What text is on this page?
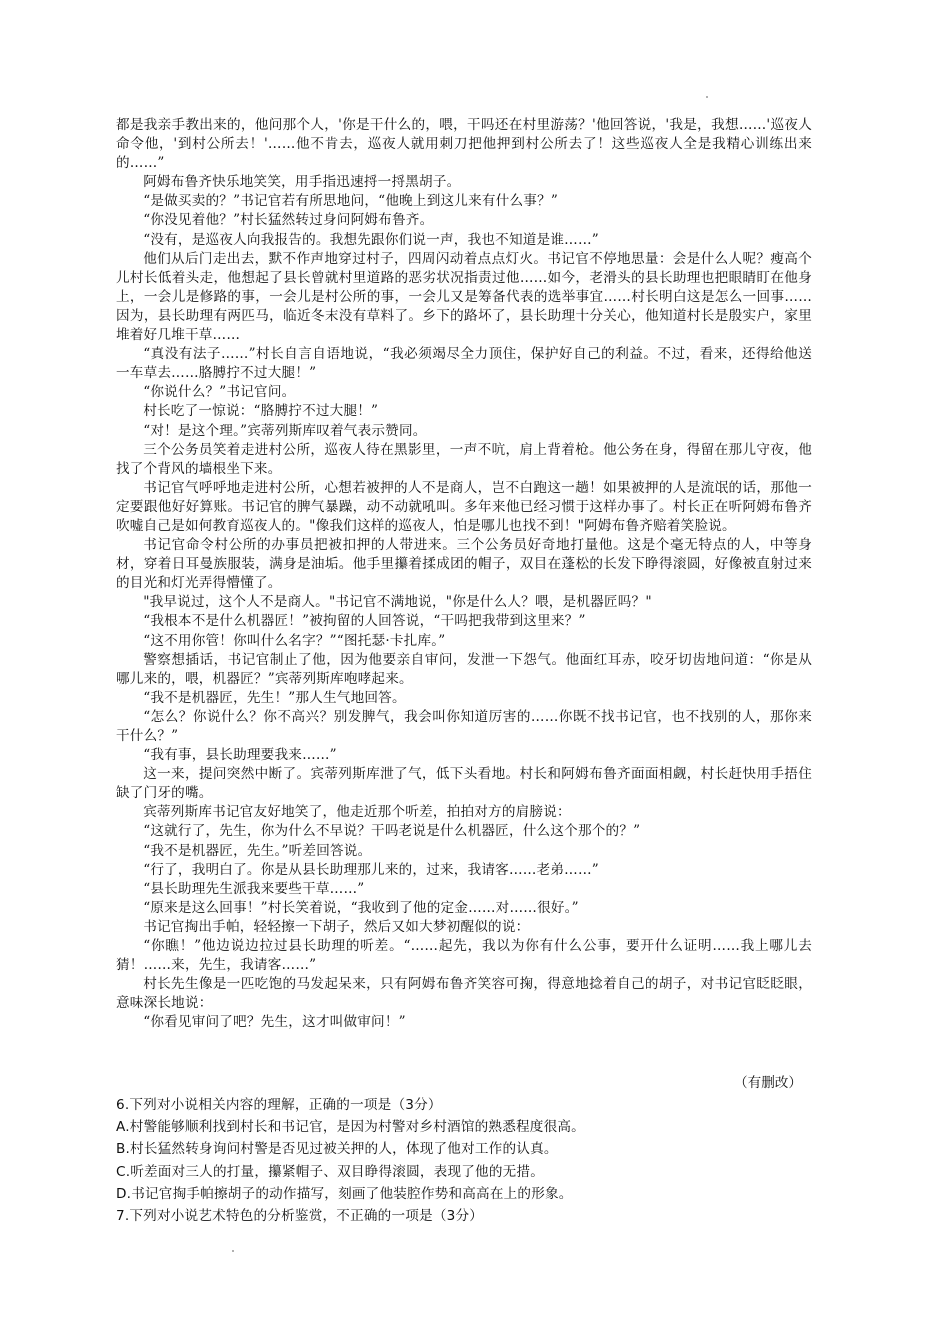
都是我亲手教出来的，他问那个人，'你是干什么的，喂，干吗还在村里游荡？'他回答说，'我是，我想……'巡夜人命令他，'到村公所去！'……他不肯去，巡夜人就用刺刀把他押到村公所去了！这些巡夜人全是我精心训练出来的……”

阿姆布鲁齐快乐地笑笑，用手指迅速捋一捋黑胡子。

“是做买卖的？”书记官若有所思地问，“他晚上到这儿来有什么事？”

“你没见着他？”村长猛然转过身问阿姆布鲁齐。

“没有，是巡夜人向我报告的。我想先跟你们说一声，我也不知道是谁……”

他们从后门走出去，默不作声地穿过村子，四周闪动着点点灯火。书记官不停地思量：会是什么人呢？瘦高个儿村长低着头走，他想起了县长曾就村里道路的恶劣状况指责过他……如今，老滑头的县长助理也把眼睛盯在他身上，一会儿是修路的事，一会儿是村公所的事，一会儿又是筹备代表的选举事宜……村长明白这是怎么一回事……因为，县长助理有两匹马，临近冬末没有草料了。乡下的路坏了，县长助理十分关心，他知道村长是殷实户，家里堆着好几堆干草……

“真没有法子……”村长自言自语地说，“我必须竭尽全力顶住，保护好自己的利益。不过，看来，还得给他送一车草去……胳膊拧不过大腿！”

“你说什么？”书记官问。

村长吃了一惊说：“胳膊拧不过大腿！”

“对！是这个理。”宾蒂列斯库叹着气表示赞同。

三个公务员笑着走进村公所，巡夜人待在黑影里，一声不吭，肩上背着枪。他公务在身，得留在那儿守夜，他找了个背风的墙根坐下来。

书记官气呼呼地走进村公所，心想若被押的人不是商人，岂不白跑这一趟！如果被押的人是流氓的话，那他一定要跟他好好算账。书记官的脾气暴躁，动不动就吼叫。多年来他已经习惯于这样办事了。村长正在听阿姆布鲁齐吹嘘自己是如何教育巡夜人的。"像我们这样的巡夜人，怕是哪儿也找不到！"阿姆布鲁齐赔着笑脸说。

书记官命令村公所的办事员把被扣押的人带进来。三个公务员好奇地打量他。这是个毫无特点的人，中等身材，穿着日耳曼族服装，满身是油垢。他手里攥着揉成团的帽子，双目在蓬松的长发下睁得滚圆，好像被直射过来的目光和灯光弄得懵懂了。

"我早说过，这个人不是商人。"书记官不满地说，"你是什么人？喂，是机器匠吗？"

“我根本不是什么机器匠！”被拘留的人回答说，“干吗把我带到这里来？”

“这不用你管！你叫什么名字？”“图托瑟·卡扎库。”

警察想插话，书记官制止了他，因为他要亲自审问，发泄一下怨气。他面红耳赤，咬牙切齿地问道：“你是从哪儿来的，喂，机器匠？”宾蒂列斯库咆哮起来。

“我不是机器匠，先生！”那人生气地回答。

“怎么？你说什么？你不高兴？别发脾气，我会叫你知道厉害的……你既不找书记官，也不找别的人，那你来干什么？”

“我有事，县长助理要我来……”

这一来，提问突然中断了。宾蒂列斯库泄了气，低下头看地。村长和阿姆布鲁齐面面相觑，村长赶快用手捂住缺了门牙的嘴。

宾蒂列斯库书记官友好地笑了，他走近那个听差，拍拍对方的肩膀说：

“这就行了，先生，你为什么不早说？干吗老说是什么机器匠，什么这个那个的？”

“我不是机器匠，先生。”听差回答说。

“行了，我明白了。你是从县长助理那儿来的，过来，我请客……老弟……”

“县长助理先生派我来要些干草……”

“原来是这么回事！”村长笑着说，“我收到了他的定金……对……很好。”

书记官掏出手帕，轻轻擦一下胡子，然后又如大梦初醒似的说：

“你瞧！”他边说边拉过县长助理的听差。“……起先，我以为你有什么公事，要开什么证明……我上哪儿去猜！……来，先生，我请客……”

村长先生像是一匹吃饱的马发起呆来，只有阿姆布鲁齐笑容可掬，得意地捻着自己的胡子，对书记官眨眨眼，意味深长地说：

“你看见审问了吧？先生，这才叫做审问！”

（有删改）
6.下列对小说相关内容的理解，正确的一项是（3分）
A.村警能够顺利找到村长和书记官，是因为村警对乡村酒馆的熟悉程度很高。
B.村长猛然转身询问村警是否见过被关押的人，体现了他对工作的认真。
C.听差面对三人的打量，攥紧帽子、双目睁得滚圆，表现了他的无措。
D.书记官掏手帕擦胡子的动作描写，刻画了他装腔作势和高高在上的形象。
7.下列对小说艺术特色的分析鉴赏，不正确的一项是（3分）
